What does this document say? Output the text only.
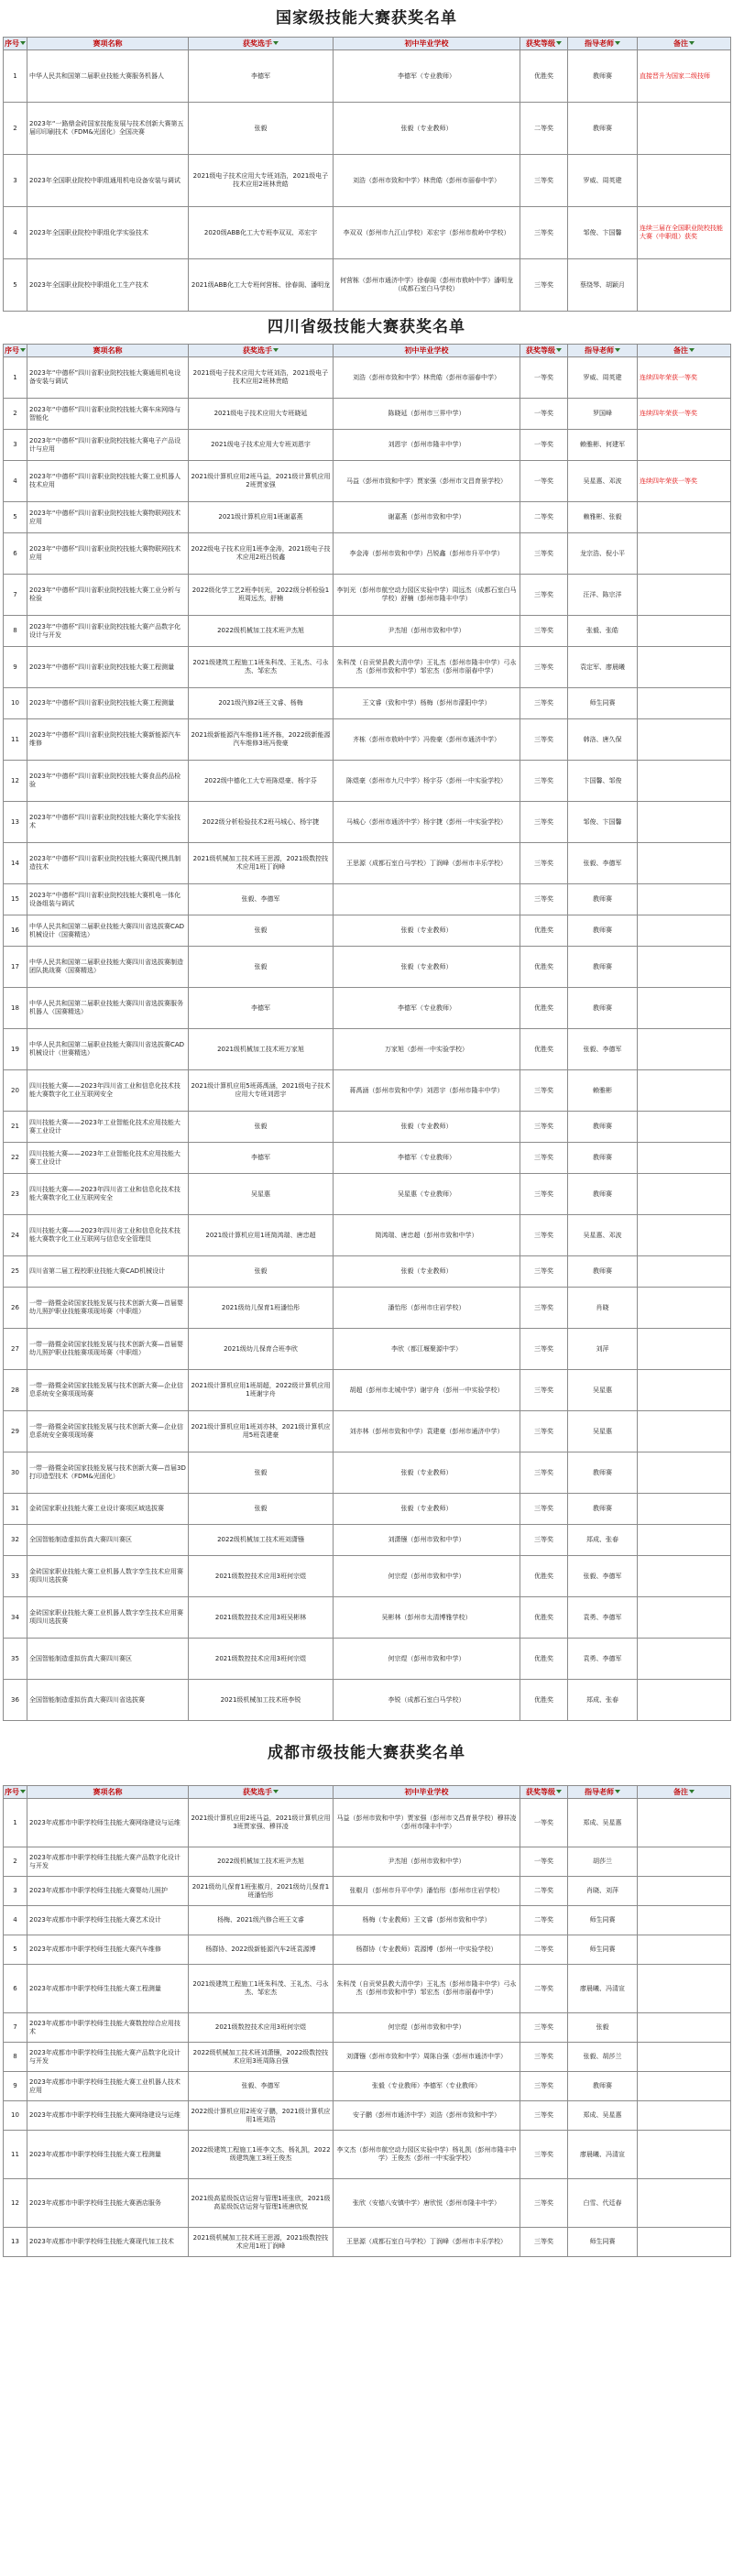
国家级技能大赛获奖名单
序号	赛项名称	获奖选手	初中毕业学校	获奖等级	指导老师	备注
1	中华人民共和国第二届职业技能大赛服务机器人	李德军	李德军（专业教师）	优胜奖	教师赛	直接晋升为国家二级技师
2	2023年“一路鼎金砖国家技能发展与技术创新大赛第五届印印刷技术（FDM&光固化）全国决赛	张毅	张毅（专业教师）	二等奖	教师赛	
3	2023年全国职业院校中职组通用机电设备安装与调试	2021级电子技术应用大专班刘浩，2021级电子技术应用2班林贵皓	刘浩（彭州市致和中学）林贵皓（彭州市丽春中学）	三等奖	罗威、周英建	
4	2023年全国职业院校中职组化学实验技术	2020级ABB化工大专班李双双、邓宏宇	李双双（彭州市九江山学校）邓宏宇（彭州市敖岭中学校）	三等奖	邹俊、卞国馨	连续三届在全国职业院校技能大赛（中职组）获奖
5	2023年全国职业院校中职组化工生产技术	2021级ABB化工大专班何营栋、徐春阁、潘明龙	何营栋（彭州市通济中学）徐春阁（彭州市敖岭中学）潘明龙（成都石室白马学校）	三等奖	蔡绕琴、胡颖月	
四川省级技能大赛获奖名单
序号	赛项名称	获奖选手	初中毕业学校	获奖等级	指导老师	备注
1	2023年“中德杯”四川省职业院校技能大赛通用机电设备安装与调试	2021级电子技术应用大专班刘浩，2021级电子技术应用2班林贵皓	刘浩（彭州市致和中学）林贵皓（彭州市丽春中学）	一等奖	罗威、周英建	连续四年荣获一等奖
2	2023年“中德杯”四川省职业院校技能大赛车床网络与智能化	2021级电子技术应用大专班晓延	陈晓延（彭州市三界中学）	一等奖	罗国峰	连续四年荣获一等奖
3	2023年“中德杯”四川省职业院校技能大赛电子产品设计与应用	2021级电子技术应用大专班刘恩宇	刘恩宇（彭州市隆丰中学）	一等奖	赖雅彬、何建军	
4	2023年“中德杯”四川省职业院校技能大赛工业机器人技术应用	2021级计算机应用2班马益，2021级计算机应用2班贾家强	马益（彭州市致和中学）贾家强（彭州市文昌育景学校）	一等奖	吴星惠、邓波	连续四年荣获一等奖
5	2023年“中德杯”四川省职业院校技能大赛物联网技术应用	2021级计算机应用1班谢嘉燕	谢嘉燕（彭州市致和中学）	二等奖	赖雅彬、张毅	
6	2023年“中德杯”四川省职业院校技能大赛物联网技术应用	2022级电子技术应用1班李金涛，2021级电子技术应用2班吕锐鑫	李金涛（彭州市致和中学）吕锐鑫（彭州市升平中学）	三等奖	龙宗浩、倪小平	
7	2023年“中德杯”四川省职业院校技能大赛工业分析与检验	2022级化学工艺2班李钊光，2022级分析检验1班周远杰，舒楠	李钊光（彭州市航空动力园区实验中学）周远杰（成都石室白马学校）舒楠（彭州市隆丰中学）	三等奖	汪洋、陈宗洋	
8	2023年“中德杯”四川省职业院校技能大赛产品数字化设计与开发	2022级机械加工技术班尹杰旭	尹杰旭（彭州市致和中学）	三等奖	张毅、张皓	
9	2023年“中德杯”四川省职业院校技能大赛工程测量	2021级建筑工程施工1班朱科茂、王礼杰、弓永杰、邹宏杰	朱科茂（自贡荣县教大清中学）王礼杰（彭州市隆丰中学）弓永杰（彭州市致和中学）邹宏杰（彭州市丽春中学）	三等奖	袁定军、廖晨曦	
10	2023年“中德杯”四川省职业院校技能大赛工程测量	2021级汽修2班王文睿、杨梅	王文睿（致和中学）杨梅（彭州市濛阳中学）	三等奖	师生同赛	
11	2023年“中德杯”四川省职业院校技能大赛新能源汽车维修	2021级新能源汽车维修1班齐栋，2022级新能源汽车维修3班冯俊豪	齐栋（彭州市敖岭中学）冯俊豪（彭州市通济中学）	三等奖	韩洛、唐久保	
12	2023年“中德杯”四川省职业院校技能大赛食品药品检验	2022级中德化工大专班陈煜豪、杨宇芬	陈煜豪（彭州市九尺中学）杨宇芬（彭州一中实验学校）	三等奖	卞国馨、邹俊	
13	2023年“中德杯”四川省职业院校技能大赛化学实验技术	2022级分析检验技术2班马城心、杨宇捷	马城心（彭州市通济中学）杨宇捷（彭州一中实验学校）	三等奖	邹俊、卞国馨	
14	2023年“中德杯”四川省职业院校技能大赛现代模具制造技术	2021级机械加工技术班王思源，2021级数控技术应用1班丁润峰	王思源（成都石室白马学校）丁润峰（彭州市丰乐学校）	三等奖	张毅、李德军	
15	2023年“中德杯”四川省职业院校技能大赛机电一体化设备组装与调试	张毅、李德军		三等奖	教师赛	
16	中华人民共和国第二届职业技能大赛四川省选拔赛CAD机械设计（国赛精选）	张毅	张毅（专业教师）	优胜奖	教师赛	
17	中华人民共和国第二届职业技能大赛四川省选拔赛制造团队挑战赛（国赛精选）	张毅	张毅（专业教师）	优胜奖	教师赛	
18	中华人民共和国第二届职业技能大赛四川省选拔赛服务机器人（国赛精选）	李德军	李德军（专业教师）	优胜奖	教师赛	
19	中华人民共和国第二届职业技能大赛四川省选拔赛CAD机械设计（世赛精选）	2021级机械加工技术班万家旭	万家旭（彭州一中实验学校）	优胜奖	张毅、李德军	
20	四川技能大赛——2023年四川省工业和信息化技术技能大赛数字化工业互联网安全	2021级计算机应用5班蒋禹涵，2021级电子技术应用大专班刘恩宇	蒋禹涵（彭州市致和中学）刘恩宇（彭州市隆丰中学）	三等奖	赖雅彬	
21	四川技能大赛——2023年工业智能化技术应用技能大赛工业设计	张毅	张毅（专业教师）	三等奖	教师赛	
22	四川技能大赛——2023年工业智能化技术应用技能大赛工业设计	李德军	李德军（专业教师）	三等奖	教师赛	
23	四川技能大赛——2023年四川省工业和信息化技术技能大赛数字化工业互联网安全	吴星惠	吴星惠（专业教师）	三等奖	教师赛	
24	四川技能大赛——2023年四川省工业和信息化技术技能大赛数字化工业互联网与信息安全管理员	2021级计算机应用1班简鸿瑞、唐忠超	简鸿瑞、唐忠超（彭州市致和中学）	三等奖	吴星惠、邓波	
25	四川省第二届工程校职业技能大赛CAD机械设计	张毅	张毅（专业教师）	三等奖	教师赛	
26	一带一路暨金砖国家技能发展与技术创新大赛—首届婴幼儿照护职业技能赛项现场赛（中职组）	2021级幼儿保育1班潘怡彤	潘怡彤（彭州市庄岩学校）	三等奖	肖晓	
27	一带一路暨金砖国家技能发展与技术创新大赛—首届婴幼儿照护职业技能赛项现场赛（中职组）	2021级幼儿保育合班李欣	李欣（都江堰聚源中学）	三等奖	刘萍	
28	一带一路暨金砖国家技能发展与技术创新大赛—企业信息系统安全赛项现场赛	2021级计算机应用1班胡超，2022级计算机应用1班谢宇舟	胡超（彭州市北城中学）谢宇舟（彭州一中实验学校）	三等奖	吴星惠	
29	一带一路暨金砖国家技能发展与技术创新大赛—企业信息系统安全赛项现场赛	2021级计算机应用1班刘亦林，2021级计算机应用5班袁建豪	刘亦林（彭州市致和中学）袁建豪（彭州市通济中学）	三等奖	吴星惠	
30	一带一路暨金砖国家技能发展与技术创新大赛—首届3D打印造型技术（FDM&光固化）	张毅	张毅（专业教师）	三等奖	教师赛	
31	金砖国家职业技能大赛工业设计赛项区域选拔赛	张毅	张毅（专业教师）	三等奖	教师赛	
32	全国智能制造虚拟仿真大赛四川赛区	2022级机械加工技术班刘潇镪	刘潇镪（彭州市致和中学）	三等奖	郑成、张春	
33	金砖国家职业技能大赛工业机器人数字孪生技术应用赛项四川选拔赛	2021级数控技术应用3班何宗煜	何宗煜（彭州市致和中学）	优胜奖	张毅、李德军	
34	金砖国家职业技能大赛工业机器人数字孪生技术应用赛项四川选拔赛	2021级数控技术应用3班吴彬林	吴彬林（彭州市太清博雅学校）	优胜奖	袁勇、李德军	
35	全国智能制造虚拟仿真大赛四川赛区	2021级数控技术应用3班何宗煜	何宗煜（彭州市致和中学）	优胜奖	袁勇、李德军	
36	全国智能制造虚拟仿真大赛四川省选拔赛	2021级机械加工技术班李锐	李锐（成都石室白马学校）	优胜奖	郑成、张春	
成都市级技能大赛获奖名单
序号	赛项名称	获奖选手	初中毕业学校	获奖等级	指导老师	备注
1	2023年成都市中职学校师生技能大赛网络建设与运维	2021级计算机应用2班马益，2021级计算机应用3班贾家强、穆祥凌	马益（彭州市致和中学）贾家强（彭州市文昌育景学校）穆祥凌（彭州市隆丰中学）	一等奖	郑成、吴星惠	
2	2023年成都市中职学校师生技能大赛产品数字化设计与开发	2022级机械加工技术班尹杰旭	尹杰旭（彭州市致和中学）	一等奖	胡莎兰	
3	2023年成都市中职学校师生技能大赛婴幼儿照护	2021级幼儿保育1班张椒月，2021级幼儿保育1班潘怡彤	张椒月（彭州市升平中学）潘怡彤（彭州市庄岩学校）	二等奖	肖晓、刘萍	
4	2023年成都市中职学校师生技能大赛艺术设计	杨梅、2021级汽修合班王文睿	杨梅（专业教师）王文睿（彭州市致和中学）	二等奖	师生同赛	
5	2023年成都市中职学校师生技能大赛汽车维修	杨群协、2022级新能源汽车2班袁源博	杨群协（专业教师）袁源博（彭州一中实验学校）	二等奖	师生同赛	
6	2023年成都市中职学校师生技能大赛工程测量	2021级建筑工程施工1班朱科茂、王礼杰、弓永杰、邹宏杰	朱科茂（自贡荣县教大清中学）王礼杰（彭州市隆丰中学）弓永杰（彭州市致和中学）邹宏杰（彭州市丽春中学）	二等奖	廖晨曦、冯清宣	
7	2023年成都市中职学校师生技能大赛数控综合应用技术	2021级数控技术应用3班何宗煜	何宗煜（彭州市致和中学）	三等奖	张毅	
8	2023年成都市中职学校师生技能大赛产品数字化设计与开发	2022级机械加工技术班刘潇镪，2022级数控技术应用3班周陈自强	刘潇镪（彭州市致和中学）周陈自强（彭州市通济中学）	三等奖	张毅、胡莎兰	
9	2023年成都市中职学校师生技能大赛工业机器人技术应用	张毅、李德军	张毅（专业教师）李德军（专业教师）	三等奖	教师赛	
10	2023年成都市中职学校师生技能大赛网络建设与运维	2022级计算机应用2班安子鹏，2021级计算机应用1班刘浩	安子鹏（彭州市通济中学）刘浩（彭州市致和中学）	三等奖	郑成、吴星惠	
11	2023年成都市中职学校师生技能大赛工程测量	2022级建筑工程施工1班李文杰、杨礼凯，2022级建筑施工3班王俊杰	李文杰（彭州市航空动力园区实验中学）杨礼凯（彭州市隆丰中学）王俊杰（彭州一中实验学校）	三等奖	廖晨曦、冯清宣	
12	2023年成都市中职学校师生技能大赛酒店服务	2021级高星级饭店运营与管理1班张欣，2021级高星级饭店运营与管理1班唐欣悦	张欣（安德八安镇中学）唐欣悦（彭州市隆丰中学）	三等奖	白雪、代廷春	
13	2023年成都市中职学校师生技能大赛现代加工技术	2021级机械加工技术班王思源，2021级数控技术应用1班丁润峰	王思源（成都石室白马学校）丁润峰（彭州市丰乐学校）	三等奖	师生同赛	
